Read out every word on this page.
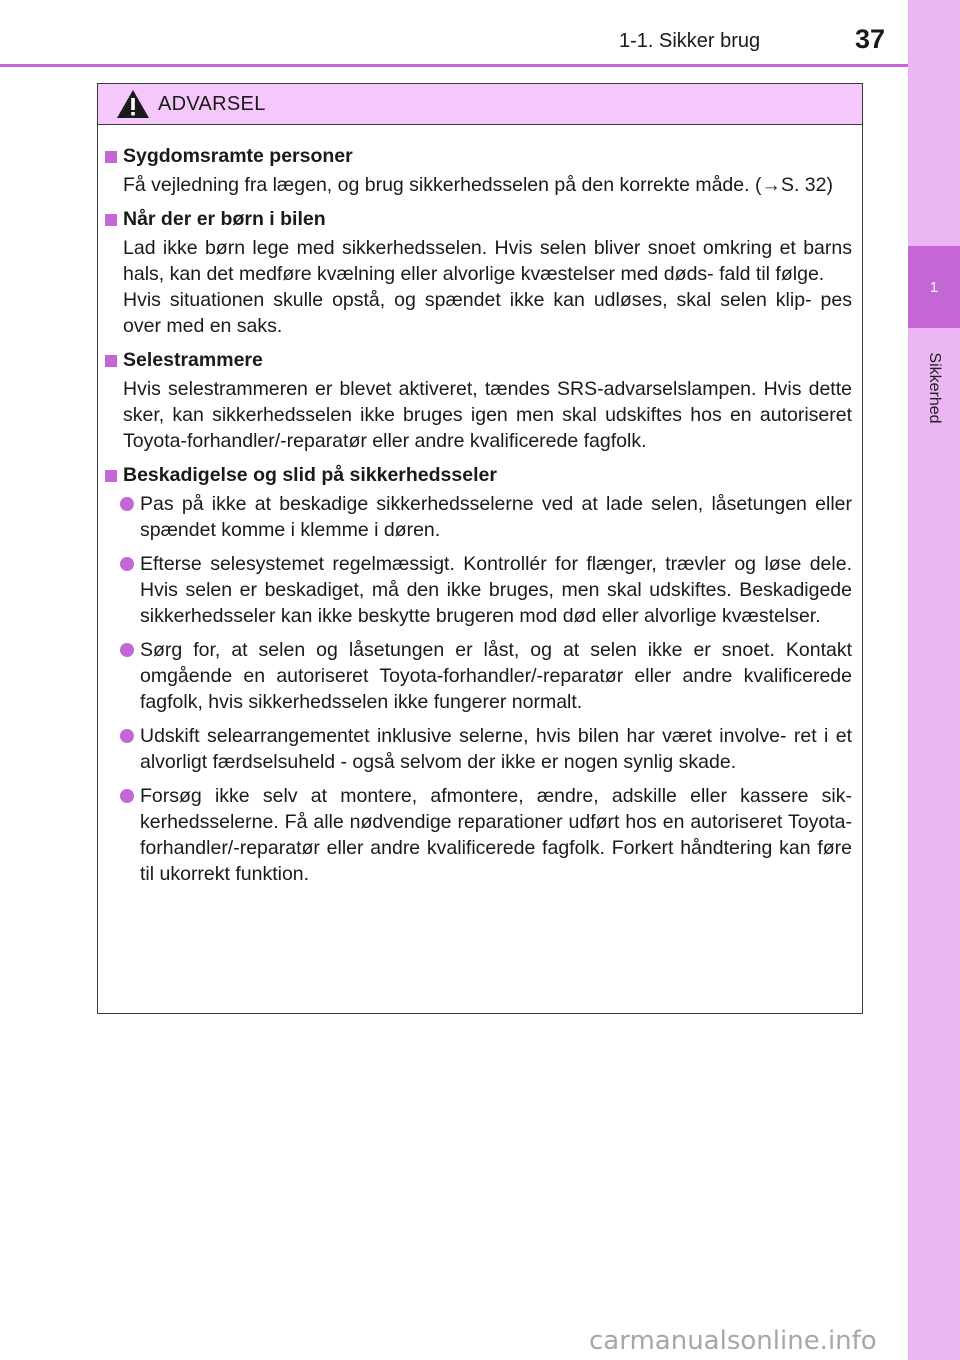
1
Sikkerhed
1-1. Sikker brug	37
ADVARSEL
Sygdomsramte personer

Få vejledning fra lægen, og brug sikkerhedsselen på den korrekte måde. (→S. 32)

Når der er børn i bilen

Lad ikke børn lege med sikkerhedsselen. Hvis selen bliver snoet omkring et barns hals, kan det medføre kvælning eller alvorlige kvæstelser med døds- fald til følge.

Hvis situationen skulle opstå, og spændet ikke kan udløses, skal selen klip- pes over med en saks.

Selestrammere

Hvis selestrammeren er blevet aktiveret, tændes SRS-advarselslampen. Hvis dette sker, kan sikkerhedsselen ikke bruges igen men skal udskiftes hos en autoriseret Toyota-forhandler/-reparatør eller andre kvalificerede fagfolk.

Beskadigelse og slid på sikkerhedsseler

Pas på ikke at beskadige sikkerhedsselerne ved at lade selen, låsetungen eller spændet komme i klemme i døren.

Efterse selesystemet regelmæssigt. Kontrollér for flænger, trævler og løse dele. Hvis selen er beskadiget, må den ikke bruges, men skal udskiftes. Beskadigede sikkerhedsseler kan ikke beskytte brugeren mod død eller alvorlige kvæstelser.

Sørg for, at selen og låsetungen er låst, og at selen ikke er snoet. Kontakt omgående en autoriseret Toyota-forhandler/-reparatør eller andre kvalificerede fagfolk, hvis sikkerhedsselen ikke fungerer normalt.

Udskift selearrangementet inklusive selerne, hvis bilen har været involve- ret i et alvorligt færdselsuheld - også selvom der ikke er nogen synlig skade.

Forsøg ikke selv at montere, afmontere, ændre, adskille eller kassere sik- kerhedsselerne. Få alle nødvendige reparationer udført hos en autoriseret Toyota-forhandler/-reparatør eller andre kvalificerede fagfolk. Forkert håndtering kan føre til ukorrekt funktion.

carmanualsonline.info
